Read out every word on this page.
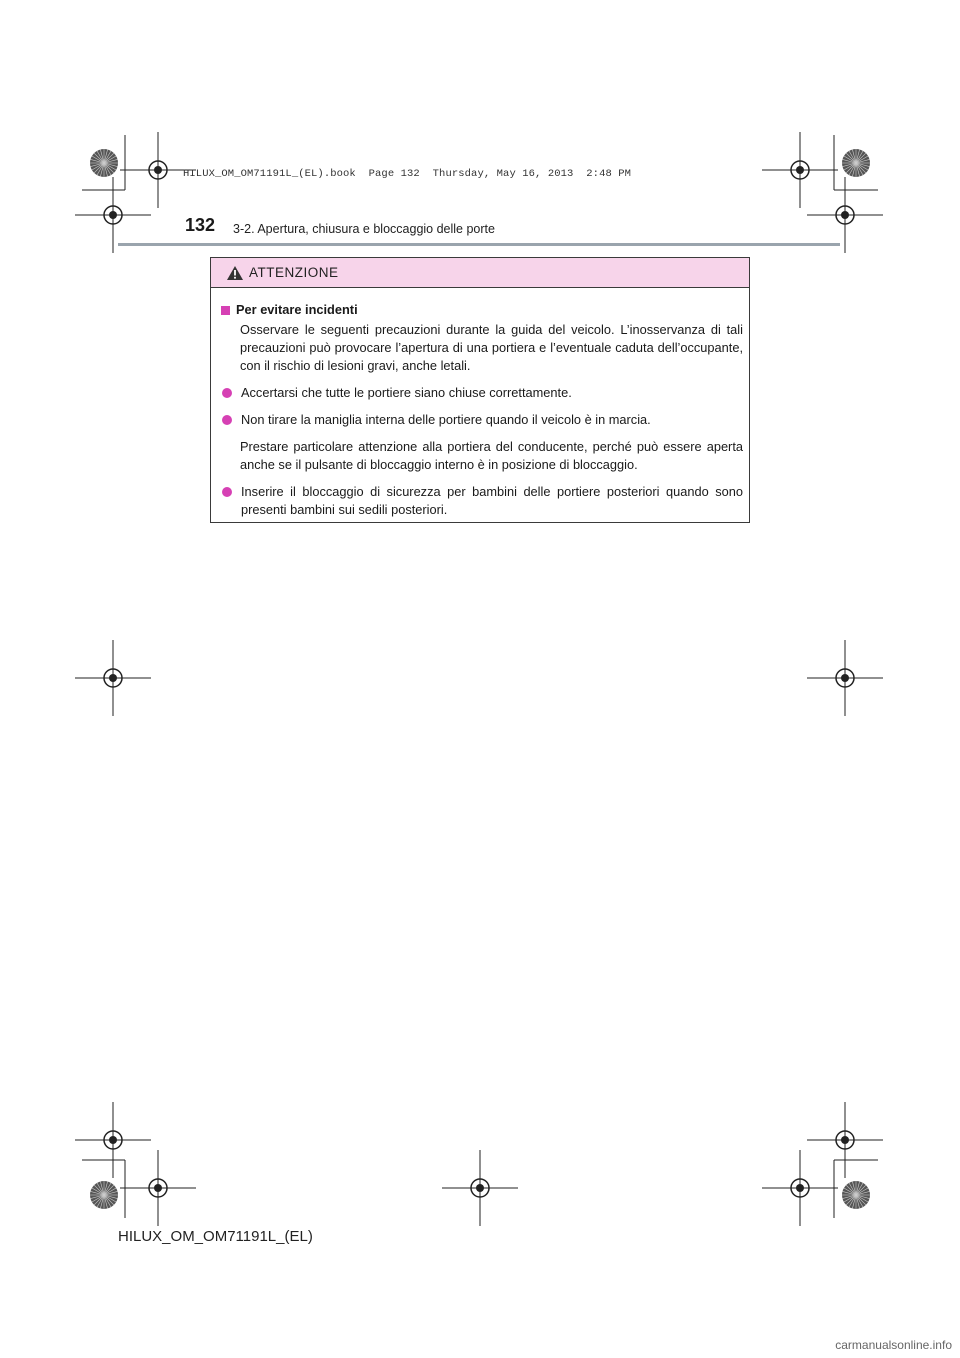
HILUX_OM_OM71191L_(EL).book  Page 132  Thursday, May 16, 2013  2:48 PM
132 3-2. Apertura, chiusura e bloccaggio delle porte
ATTENZIONE
Per evitare incidenti
Osservare le seguenti precauzioni durante la guida del veicolo. L’inosservanza di tali precauzioni può provocare l’apertura di una portiera e l’eventuale caduta dell’occupante, con il rischio di lesioni gravi, anche letali.
Accertarsi che tutte le portiere siano chiuse correttamente.
Non tirare la maniglia interna delle portiere quando il veicolo è in marcia.
Prestare particolare attenzione alla portiera del conducente, perché può essere aperta anche se il pulsante di bloccaggio interno è in posizione di bloccaggio.
Inserire il bloccaggio di sicurezza per bambini delle portiere posteriori quando sono presenti bambini sui sedili posteriori.
HILUX_OM_OM71191L_(EL)
carmanualsonline.info
